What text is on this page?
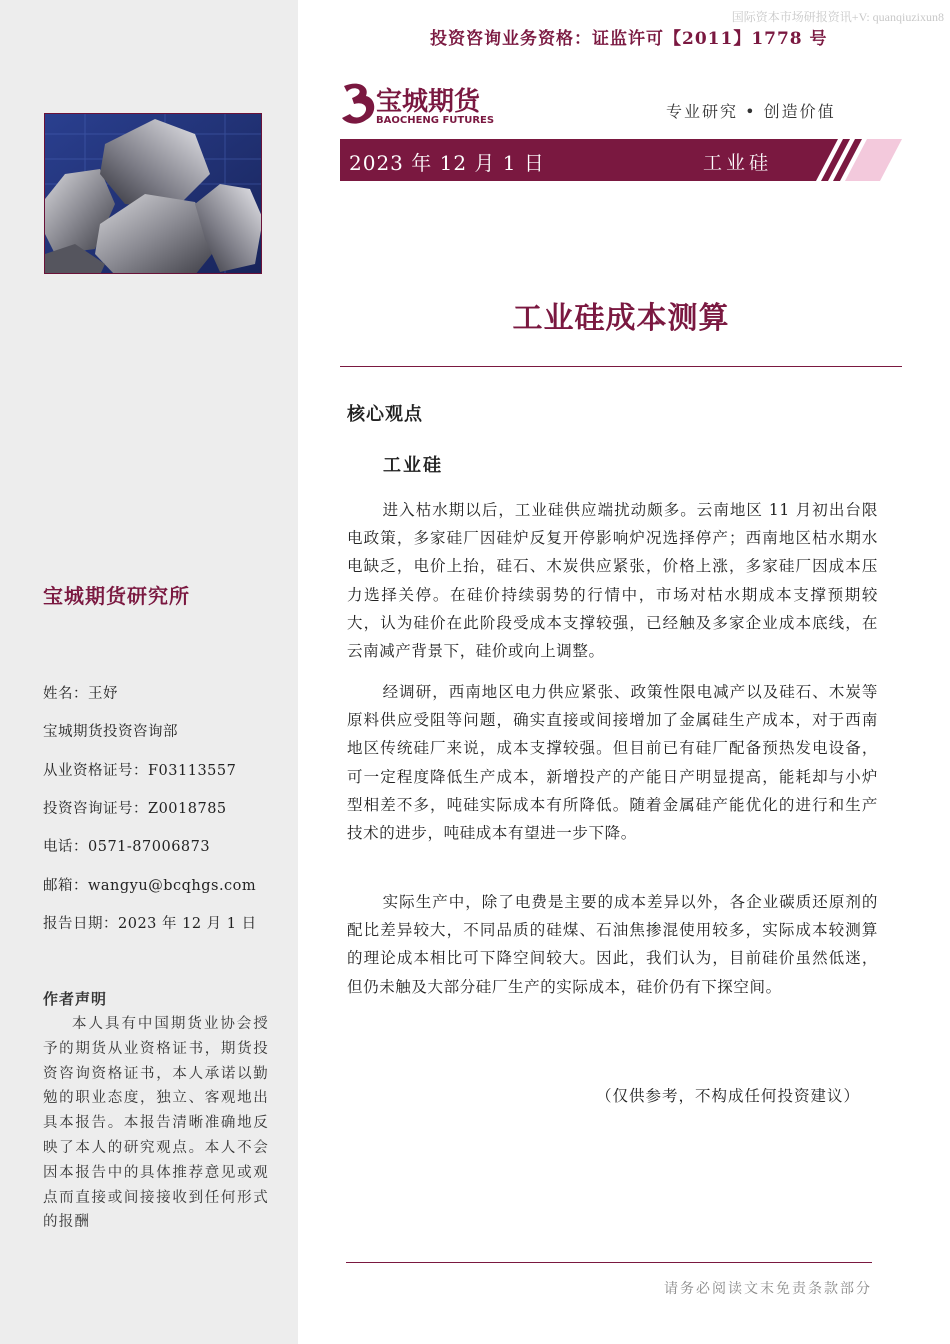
宝城期货研究所
姓名：王妤
宝城期货投资咨询部
从业资格证号：F03113557
投资咨询证号：Z0018785
电话：0571-87006873
邮箱：wangyu@bcqhgs.com
报告日期：2023 年 12 月 1 日
作者声明
本人具有中国期货业协会授予的期货从业资格证书，期货投资咨询资格证书，本人承诺以勤勉的职业态度，独立、客观地出具本报告。本报告清晰准确地反映了本人的研究观点。本人不会因本报告中的具体推荐意见或观点而直接或间接接收到任何形式的报酬
国际资本市场研报资讯+V: quanqiuzixun8
投资咨询业务资格：证监许可【2011】1778 号
宝城期货
BAOCHENG FUTURES	专业研究 • 创造价值
2023 年 12 月 1 日	工业硅
工业硅成本测算
核心观点
工业硅

进入枯水期以后，工业硅供应端扰动颇多。云南地区 11 月初出台限电政策，多家硅厂因硅炉反复开停影响炉况选择停产；西南地区枯水期水电缺乏，电价上抬，硅石、木炭供应紧张，价格上涨，多家硅厂因成本压力选择关停。在硅价持续弱势的行情中，市场对枯水期成本支撑预期较大，认为硅价在此阶段受成本支撑较强，已经触及多家企业成本底线，在云南减产背景下，硅价或向上调整。

经调研，西南地区电力供应紧张、政策性限电减产以及硅石、木炭等原料供应受阻等问题，确实直接或间接增加了金属硅生产成本，对于西南地区传统硅厂来说，成本支撑较强。但目前已有硅厂配备预热发电设备，可一定程度降低生产成本，新增投产的产能日产明显提高，能耗却与小炉型相差不多，吨硅实际成本有所降低。随着金属硅产能优化的进行和生产技术的进步，吨硅成本有望进一步下降。

实际生产中，除了电费是主要的成本差异以外，各企业碳质还原剂的配比差异较大，不同品质的硅煤、石油焦掺混使用较多，实际成本较测算的理论成本相比可下降空间较大。因此，我们认为，目前硅价虽然低迷，但仍未触及大部分硅厂生产的实际成本，硅价仍有下探空间。

（仅供参考，不构成任何投资建议）
请务必阅读文末免责条款部分
